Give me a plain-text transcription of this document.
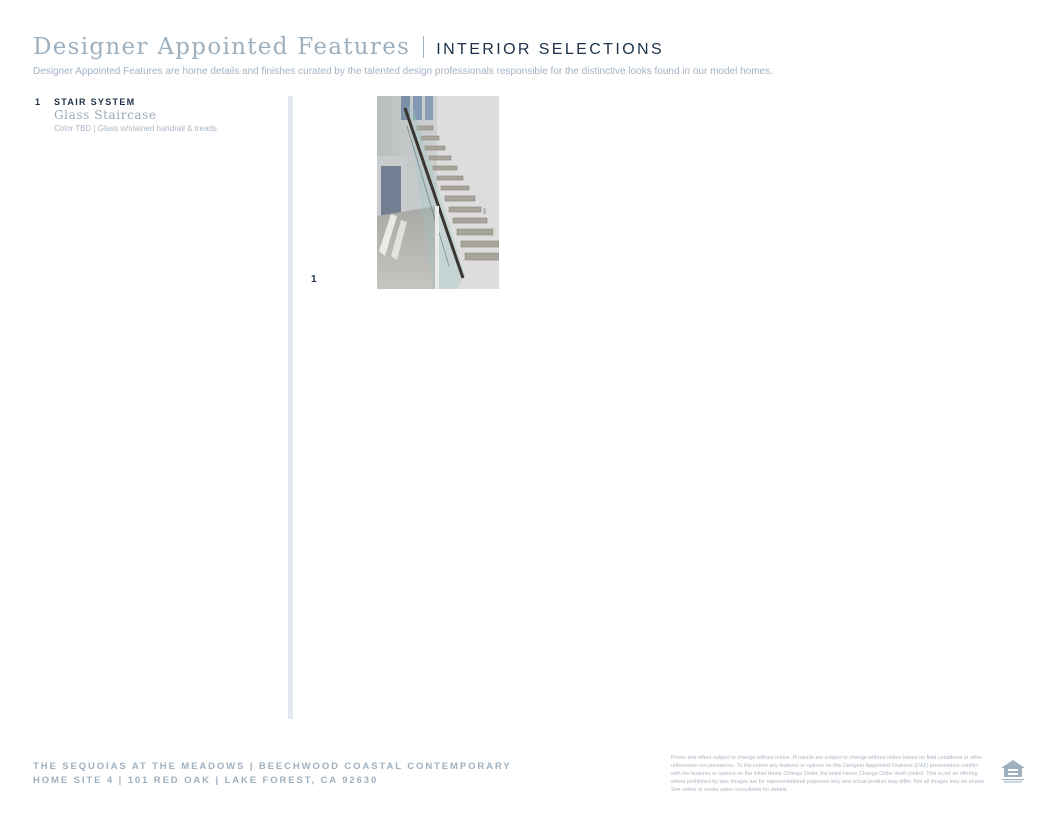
Designer Appointed Features INTERIOR SELECTIONS
Designer Appointed Features are home details and finishes curated by the talented design professionals responsible for the distinctive looks found in our model homes.
1 STAIR SYSTEM
Glass Staircase
Color TBD | Glass w/stained handrail & treads
1
THE SEQUOIAS AT THE MEADOWS | BEECHWOOD COASTAL CONTEMPORARY
HOME SITE 4 | 101 RED OAK | LAKE FOREST, CA 92630
Prices and offers subject to change without notice. Products are subject to change without notice based on field conditions or other unforeseen circumstances. To the extent any features or options on this Designer Appointed Features (DAF) presentation conflict with the features or options on the initial Home Change Order, the initial Home Change Order shall control. This is not an offering where prohibited by law. Images are for representational purposes only and actual product may differ. Not all images may be shown. See online or onsite sales consultants for details.
